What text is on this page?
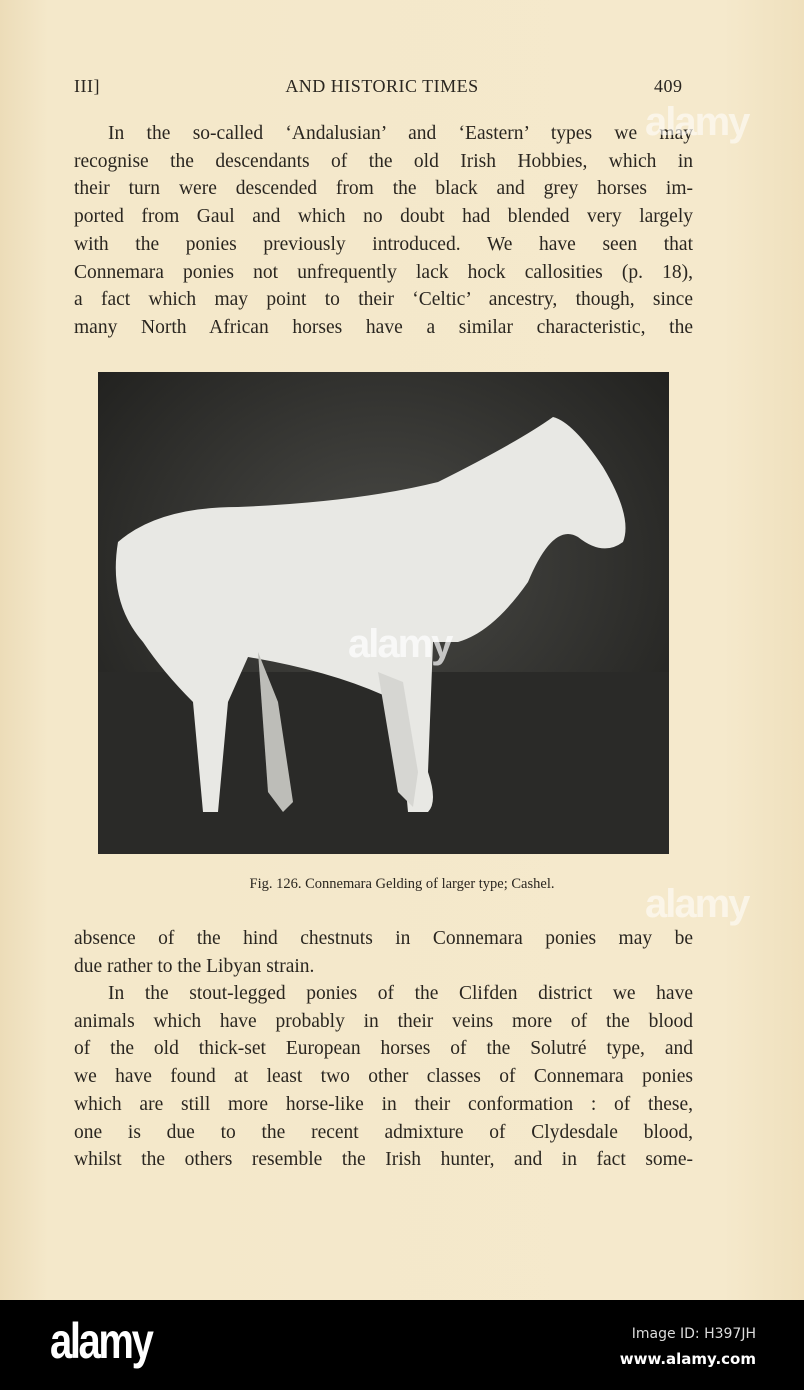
III]	AND HISTORIC TIMES	409
In the so-called ‘Andalusian’ and ‘Eastern’ types we may
recognise the descendants of the old Irish Hobbies, which in
their turn were descended from the black and grey horses im-
ported from Gaul and which no doubt had blended very largely
with the ponies previously introduced. We have seen that
Connemara ponies not unfrequently lack hock callosities (p. 18),
a fact which may point to their ‘Celtic’ ancestry, though, since
many North African horses have a similar characteristic, the
Fig. 126. Connemara Gelding of larger type; Cashel.
absence of the hind chestnuts in Connemara ponies may be
due rather to the Libyan strain.
In the stout-legged ponies of the Clifden district we have
animals which have probably in their veins more of the blood
of the old thick-set European horses of the Solutré type, and
we have found at least two other classes of Connemara ponies
which are still more horse-like in their conformation : of these,
one is due to the recent admixture of Clydesdale blood,
whilst the others resemble the Irish hunter, and in fact some-
alamy
alamy
alamy
alamy	Image ID: H397JH
www.alamy.com
